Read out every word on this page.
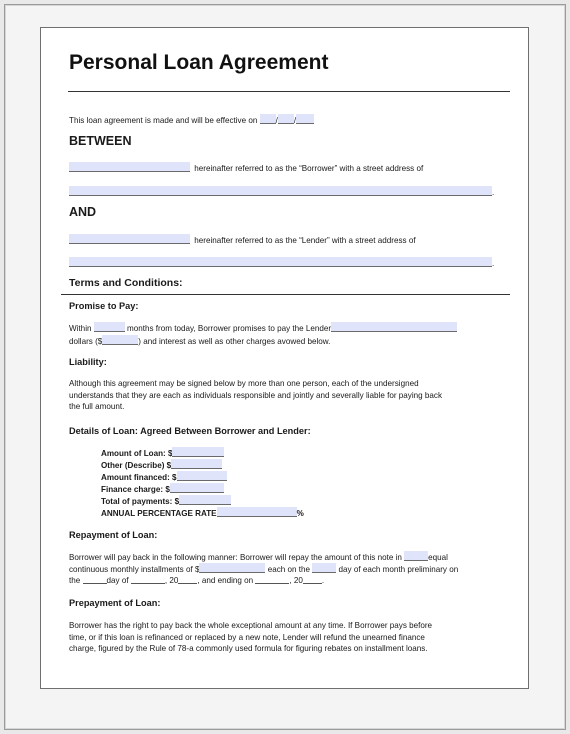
Personal Loan Agreement
This loan agreement is made and will be effective on / /
BETWEEN
hereinafter referred to as the “Borrower” with a street address of
.
AND
hereinafter referred to as the “Lender” with a street address of
.
Terms and Conditions:
Promise to Pay:
Within	months from today, Borrower promises to pay the Lender
dollars ($	) and interest as well as other charges avowed below.
Liability:
Although this agreement may be signed below by more than one person, each of the undersigned
understands that they are each as individuals responsible and jointly and severally liable for paying back
the full amount.
Details of Loan: Agreed Between Borrower and Lender:
Amount of Loan: $
Other (Describe) $
Amount financed: $
Finance charge: $
Total of payments: $
ANNUAL PERCENTAGE RATE	%
Repayment of Loan:
Borrower will pay back in the following manner: Borrower will repay the amount of this note in	equal
continuous monthly installments of $	each on the	day of each month preliminary on
the	day of	, 20 , and ending on	, 20 .
Prepayment of Loan:
Borrower has the right to pay back the whole exceptional amount at any time. If Borrower pays before
time, or if this loan is refinanced or replaced by a new note, Lender will refund the unearned finance
charge, figured by the Rule of 78-a commonly used formula for figuring rebates on installment loans.
